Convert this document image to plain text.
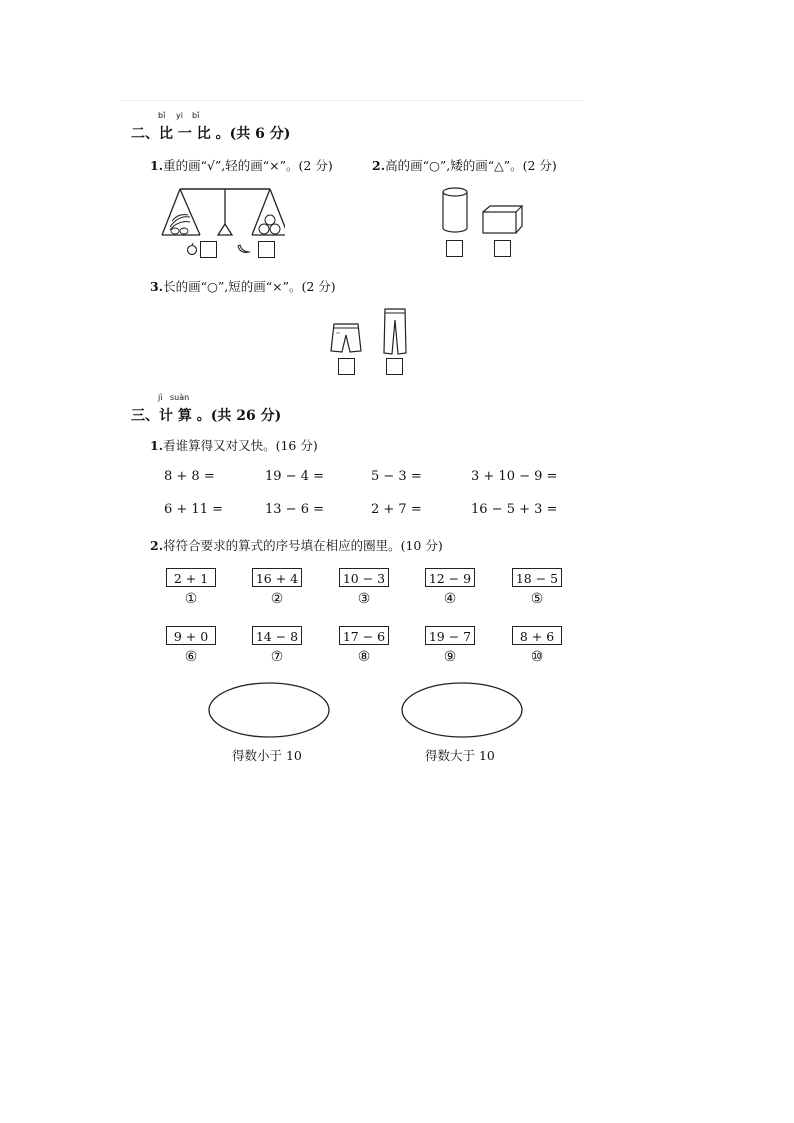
bǐ yi bǐ
二、比 一 比 。(共 6 分)
1.重的画“√”,轻的画“×”。(2 分)	2.高的画“○”,矮的画“△”。(2 分)
3.长的画“○”,短的画“×”。(2 分)
jì suàn
三、计 算 。(共 26 分)
1.看谁算得又对又快。(16 分)
8 + 8 =	19 − 4 =	5 − 3 =	3 + 10 − 9 =
6 + 11 =	13 − 6 =	2 + 7 =	16 − 5 + 3 =
2.将符合要求的算式的序号填在相应的圈里。(10 分)
2 + 1	16 + 4	10 − 3	12 − 9	18 − 5
①	②	③	④	⑤
9 + 0	14 − 8	17 − 6	19 − 7	8 + 6
⑥	⑦	⑧	⑨	⑩
得数小于 10	得数大于 10
